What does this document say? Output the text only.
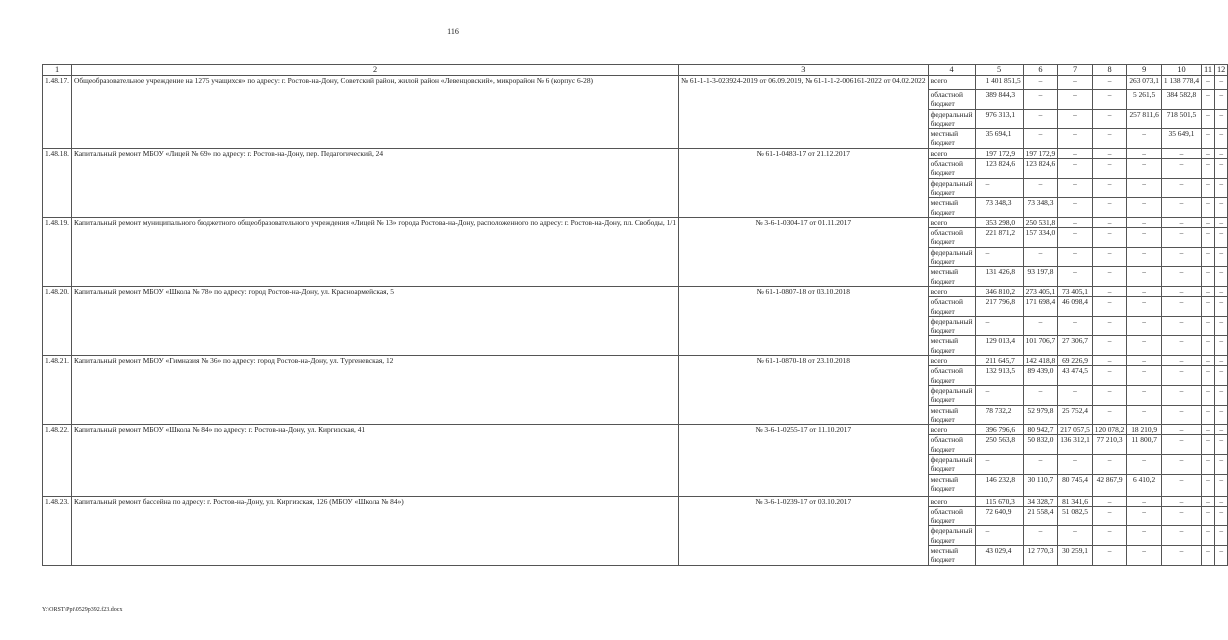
116
1	2	3	4	5	6	7	8	9	10	11	12
1.48.17.	Общеобразовательное учреждение на 1275 учащихся» по адресу: г. Ростов-на-Дону, Советский район, жилой район «Левенцовский», микрорайон № 6 (корпус 6-28)	№ 61-1-1-3-023924-2019 от 06.09.2019, № 61-1-1-2-006161-2022 от 04.02.2022	всего	1 401 851,5	–	–	–	263 073,1	1 138 778,4	–	–
			областной бюджет	389 844,3	–	–	–	5 261,5	384 582,8	–	–
			федеральный бюджет	976 313,1	–	–	–	257 811,6	718 501,5	–	–
			местный бюджет	35 694,1	–	–	–	–	35 649,1	–	–
1.48.18.	Капитальный ремонт МБОУ «Лицей № 69» по адресу: г. Ростов-на-Дону, пер. Педагогический, 24	№ 61-1-0483-17 от 21.12.2017	всего	197 172,9	197 172,9	–	–	–	–	–	–
			областной бюджет	123 824,6	123 824,6	–	–	–	–	–	–
			федеральный бюджет	–	–	–	–	–	–	–	–
			местный бюджет	73 348,3	73 348,3	–	–	–	–	–	–
1.48.19.	Капитальный ремонт муниципального бюджетного общеобразовательного учреждения «Лицей № 13» города Ростова-на-Дону, расположенного по адресу: г. Ростов-на-Дону, пл. Свободы, 1/1	№ 3-6-1-0304-17 от 01.11.2017	всего	353 298,0	250 531,8	–	–	–	–	–	–
			областной бюджет	221 871,2	157 334,0	–	–	–	–	–	–
			федеральный бюджет	–	–	–	–	–	–	–	–
			местный бюджет	131 426,8	93 197,8	–	–	–	–	–	–
1.48.20.	Капитальный ремонт МБОУ «Школа № 78» по адресу: город Ростов-на-Дону, ул. Красноармейская, 5	№ 61-1-0807-18 от 03.10.2018	всего	346 810,2	273 405,1	73 405,1	–	–	–	–	–
			областной бюджет	217 796,8	171 698,4	46 098,4	–	–	–	–	–
			федеральный бюджет	–	–	–	–	–	–	–	–
			местный бюджет	129 013,4	101 706,7	27 306,7	–	–	–	–	–
1.48.21.	Капитальный ремонт МБОУ «Гимназия № 36» по адресу: город Ростов-на-Дону, ул. Тургеневская, 12	№ 61-1-0870-18 от 23.10.2018	всего	211 645,7	142 418,8	69 226,9	–	–	–	–	–
			областной бюджет	132 913,5	89 439,0	43 474,5	–	–	–	–	–
			федеральный бюджет	–	–	–	–	–	–	–	–
			местный бюджет	78 732,2	52 979,8	25 752,4	–	–	–	–	–
1.48.22.	Капитальный ремонт МБОУ «Школа № 84» по адресу: г. Ростов-на-Дону, ул. Киргизская, 41	№ 3-6-1-0255-17 от 11.10.2017	всего	396 796,6	80 942,7	217 057,5	120 078,2	18 210,9	–	–	–
			областной бюджет	250 563,8	50 832,0	136 312,1	77 210,3	11 800,7	–	–	–
			федеральный бюджет	–	–	–	–	–	–	–	–
			местный бюджет	146 232,8	30 110,7	80 745,4	42 867,9	6 410,2	–	–	–
1.48.23.	Капитальный ремонт бассейна по адресу: г. Ростов-на-Дону, ул. Киргизская, 126 (МБОУ «Школа № 84»)	№ 3-6-1-0239-17 от 03.10.2017	всего	115 670,3	34 328,7	81 341,6	–	–	–	–	–
			областной бюджет	72 640,9	21 558,4	51 082,5	–	–	–	–	–
			федеральный бюджет	–	–	–	–	–	–	–	–
			местный бюджет	43 029,4	12 770,3	30 259,1	–	–	–	–	–
Y:\ORST\Ppi\0529p392.f23.docx
